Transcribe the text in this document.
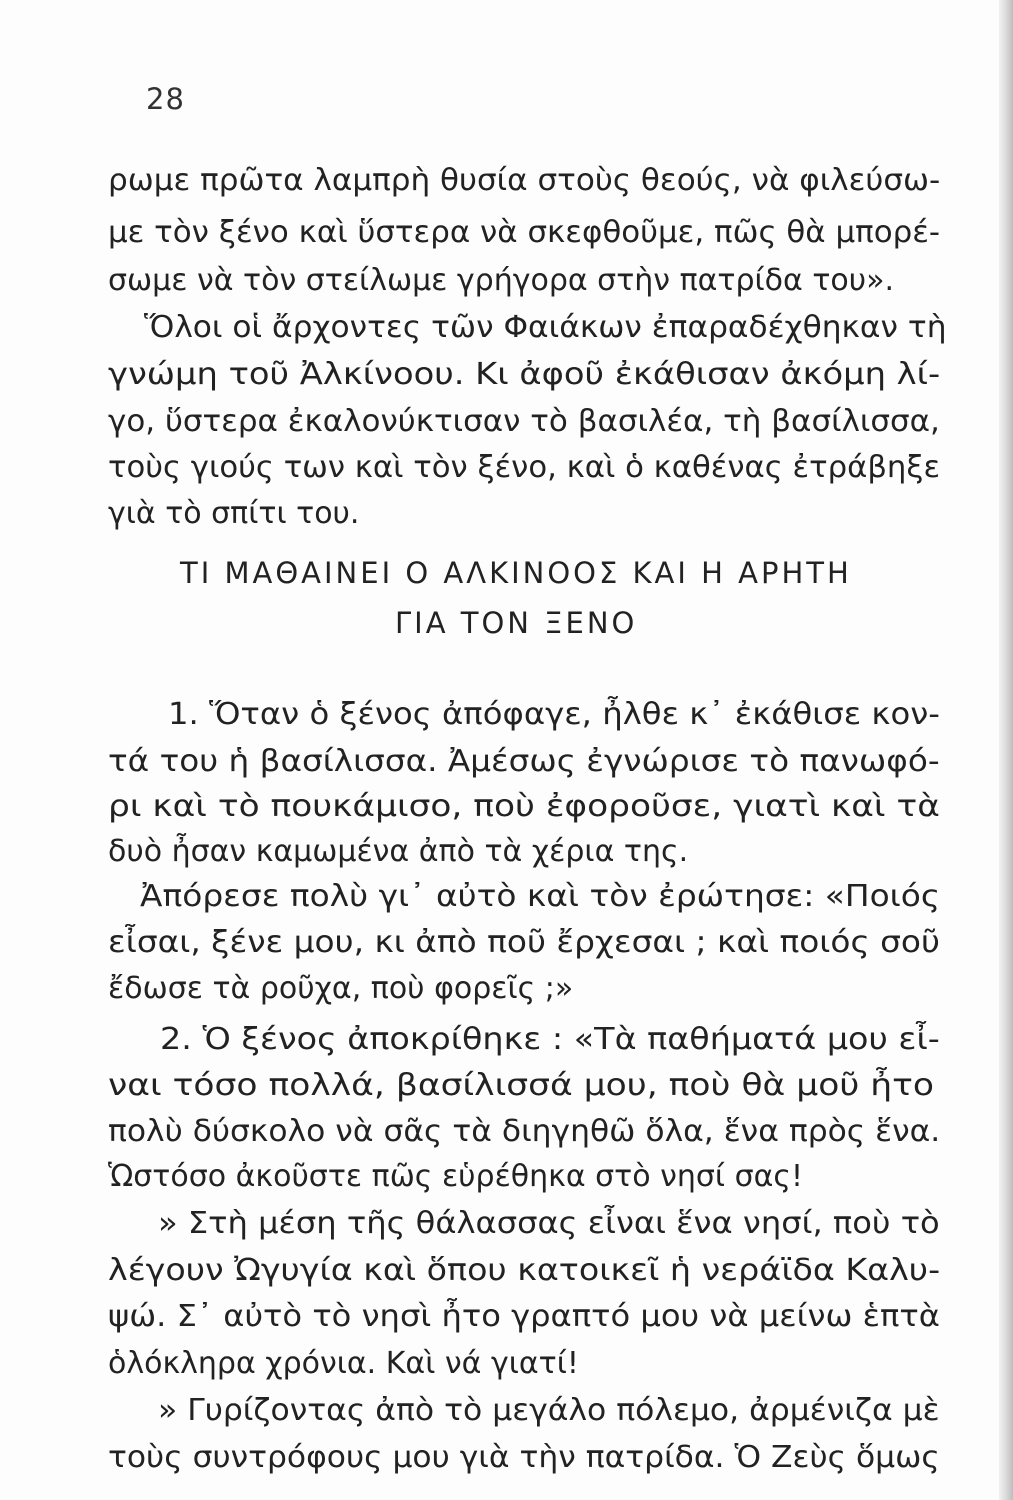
28
ρωμε πρῶτα λαμπρὴ θυσία στοὺς θεούς, νὰ φιλεύσω-
με τὸν ξένο καὶ ὕστερα νὰ σκεφθοῦμε, πῶς θὰ μπορέ-
σωμε νὰ τὸν στείλωμε γρήγορα στὴν πατρίδα του».
Ὅλοι οἱ ἄρχοντες τῶν Φαιάκων ἐπαραδέχθηκαν τὴ
γνώμη τοῦ Ἀλκίνοου. Κι ἀφοῦ ἐκάθισαν ἀκόμη λί-
γο, ὕστερα ἐκαλονύκτισαν τὸ βασιλέα, τὴ βασίλισσα,
τοὺς γιούς των καὶ τὸν ξένο, καὶ ὁ καθένας ἐτράβηξε
γιὰ τὸ σπίτι του.
ΤΙ ΜΑΘΑΙΝΕΙ Ο ΑΛΚΙΝΟΟΣ ΚΑΙ Η ΑΡΗΤΗ
ΓΙΑ ΤΟΝ ΞΕΝΟ
1. Ὅταν ὁ ξένος ἀπόφαγε, ἦλθε κ᾿ ἐκάθισε κον-
τά του ἡ βασίλισσα. Ἀμέσως ἐγνώρισε τὸ πανωφό-
ρι καὶ τὸ πουκάμισο, ποὺ ἐφοροῦσε, γιατὶ καὶ τὰ
δυὸ ἦσαν καμωμένα ἀπὸ τὰ χέρια της.
Ἀπόρεσε πολὺ γι᾿ αὐτὸ καὶ τὸν ἐρώτησε: «Ποιός
εἶσαι, ξένε μου, κι ἀπὸ ποῦ ἔρχεσαι ; καὶ ποιός σοῦ
ἔδωσε τὰ ροῦχα, ποὺ φορεῖς ;»
2. Ὁ ξένος ἀποκρίθηκε : «Τὰ παθήματά μου εἶ-
ναι τόσο πολλά, βασίλισσά μου, ποὺ θὰ μοῦ ἦτο
πολὺ δύσκολο νὰ σᾶς τὰ διηγηθῶ ὅλα, ἕνα πρὸς ἕνα.
Ὡστόσο ἀκοῦστε πῶς εὑρέθηκα στὸ νησί σας!
» Στὴ μέση τῆς θάλασσας εἶναι ἕνα νησί, ποὺ τὸ
λέγουν Ὠγυγία καὶ ὅπου κατοικεῖ ἡ νεράϊδα Καλυ-
ψώ. Σ᾿ αὐτὸ τὸ νησὶ ἦτο γραπτό μου νὰ μείνω ἑπτὰ
ὁλόκληρα χρόνια. Καὶ νά γιατί!
» Γυρίζοντας ἀπὸ τὸ μεγάλο πόλεμο, ἀρμένιζα μὲ
τοὺς συντρόφους μου γιὰ τὴν πατρίδα. Ὁ Ζεὺς ὅμως
